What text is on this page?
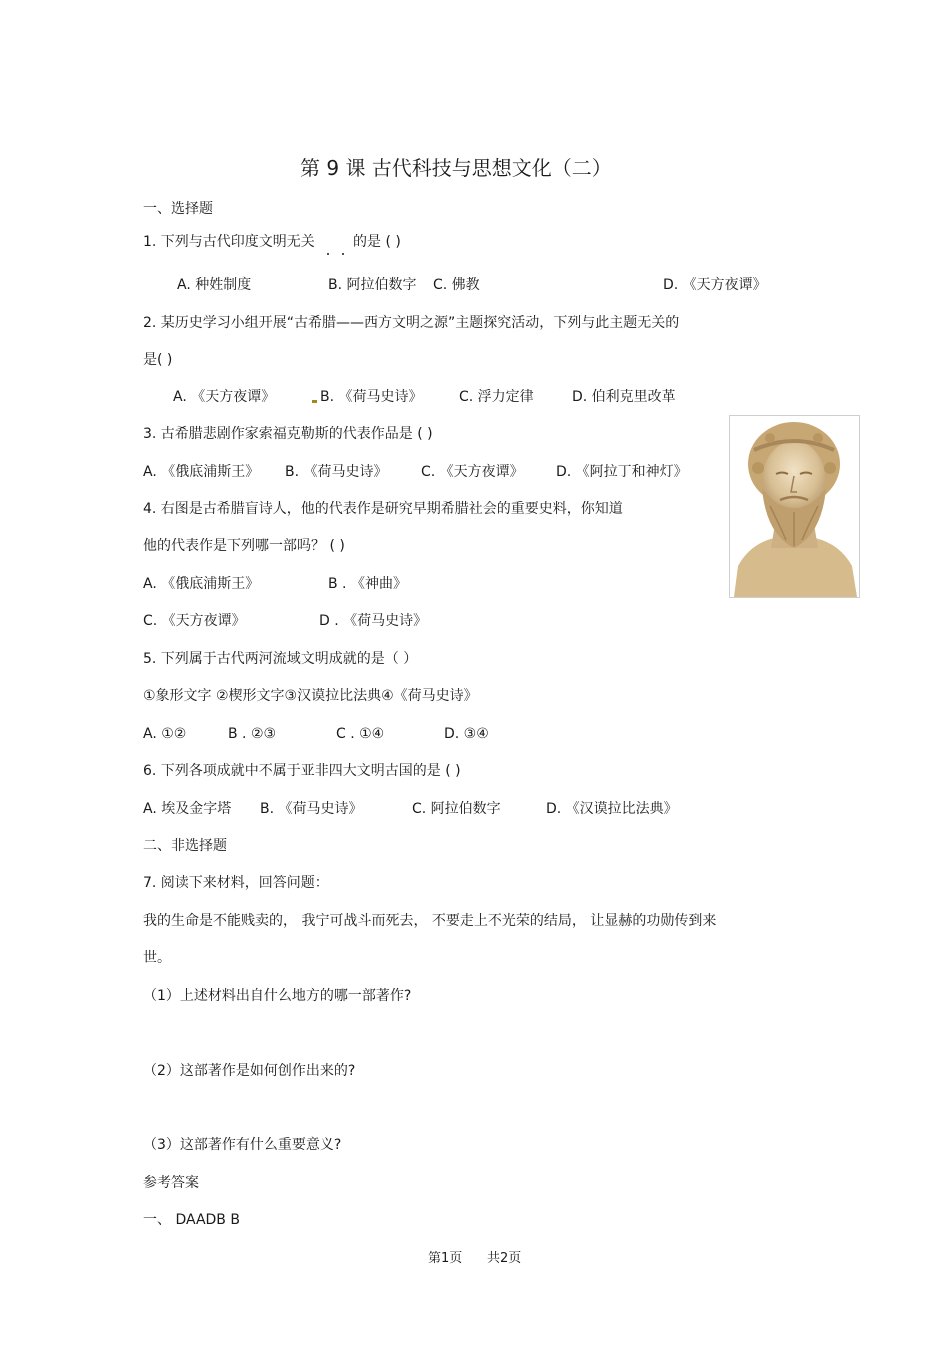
第 9 课 古代科技与思想文化（二）
一、选择题
1. 下列与古代印度文明无关	的是 ( )
A. 种姓制度	B. 阿拉伯数字 C. 佛教	D. 《天方夜谭》
2. 某历史学习小组开展“古希腊——西方文明之源”主题探究活动，下列与此主题无关的
是( )
A. 《天方夜谭》	B. 《荷马史诗》	C. 浮力定律	D. 伯利克里改革
3. 古希腊悲剧作家索福克勒斯的代表作品是 ( )
A. 《俄底浦斯王》 B. 《荷马史诗》 C. 《天方夜谭》 D. 《阿拉丁和神灯》
4. 右图是古希腊盲诗人，他的代表作是研究早期希腊社会的重要史料，你知道
他的代表作是下列哪一部吗？ ( )
A. 《俄底浦斯王》	B . 《神曲》
C. 《天方夜谭》	D . 《荷马史诗》
5. 下列属于古代两河流域文明成就的是（ ）
①象形文字 ②楔形文字③汉谟拉比法典④《荷马史诗》
A. ①②	B . ②③	C . ①④	D. ③④
6. 下列各项成就中不属于亚非四大文明古国的是 ( )
A. 埃及金字塔 B. 《荷马史诗》	C. 阿拉伯数字	D. 《汉谟拉比法典》
二、非选择题
7. 阅读下来材料，回答问题：
我的生命是不能贱卖的， 我宁可战斗而死去， 不要走上不光荣的结局， 让显赫的功勋传到来
世。
（1）上述材料出自什么地方的哪一部著作?
（2）这部著作是如何创作出来的?
（3）这部著作有什么重要意义?
参考答案
一、 DAADB B
第1页 共2页
